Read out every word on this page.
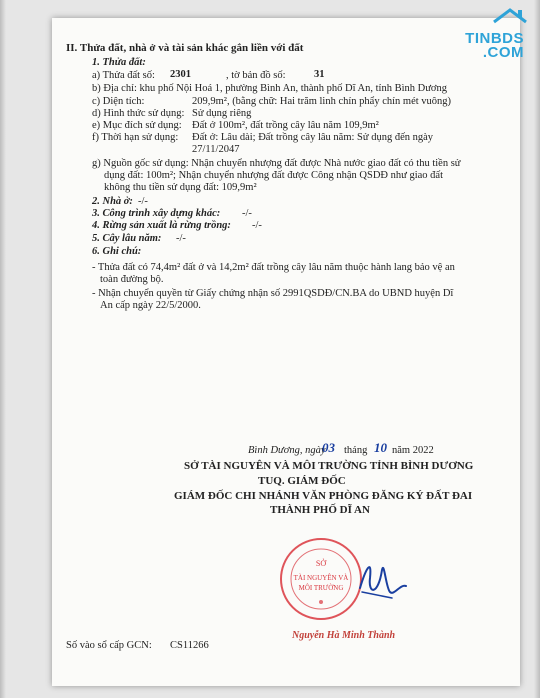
II. Thửa đất, nhà ở và tài sản khác gắn liền với đất
1. Thửa đất:
a) Thửa đất số: 2301	, tờ bản đồ số:	31
b) Địa chỉ: khu phố Nội Hoá 1, phường Bình An, thành phố Dĩ An, tỉnh Bình Dương
c) Diện tích:	209,9m², (bằng chữ: Hai trăm linh chín phẩy chín mét vuông)
d) Hình thức sử dụng: Sử dụng riêng
e) Mục đích sử dụng: Đất ở 100m², đất trồng cây lâu năm 109,9m²
f) Thời hạn sử dụng: Đất ở: Lâu dài; Đất trồng cây lâu năm: Sử dụng đến ngày
27/11/2047
g) Nguồn gốc sử dụng: Nhận chuyển nhượng đất được Nhà nước giao đất có thu tiền sử
dụng đất: 100m²; Nhận chuyển nhượng đất được Công nhận QSDĐ như giao đất
không thu tiền sử dụng đất: 109,9m²
2. Nhà ở: -/-
3. Công trình xây dựng khác: -/-
4. Rừng sản xuất là rừng trồng: -/-
5. Cây lâu năm: -/-
6. Ghi chú:
- Thửa đất có 74,4m² đất ở và 14,2m² đất trồng cây lâu năm thuộc hành lang bảo vệ an
toàn đường bộ.
- Nhận chuyển quyền từ Giấy chứng nhận số 2991QSDĐ/CN.BA do UBND huyện Dĩ
An cấp ngày 22/5/2000.
Bình Dương, ngày
03 tháng 10 năm 2022
SỞ TÀI NGUYÊN VÀ MÔI TRƯỜNG TỈNH BÌNH DƯƠNG
TUQ. GIÁM ĐỐC
GIÁM ĐỐC CHI NHÁNH VĂN PHÒNG ĐĂNG KÝ ĐẤT ĐAI
THÀNH PHỐ DĨ AN
SỞ
TÀI NGUYÊN VÀ
MÔI TRƯỜNG
Nguyễn Hà Minh Thành
Số vào sổ cấp GCN: CS11266
TINBDS
.COM
